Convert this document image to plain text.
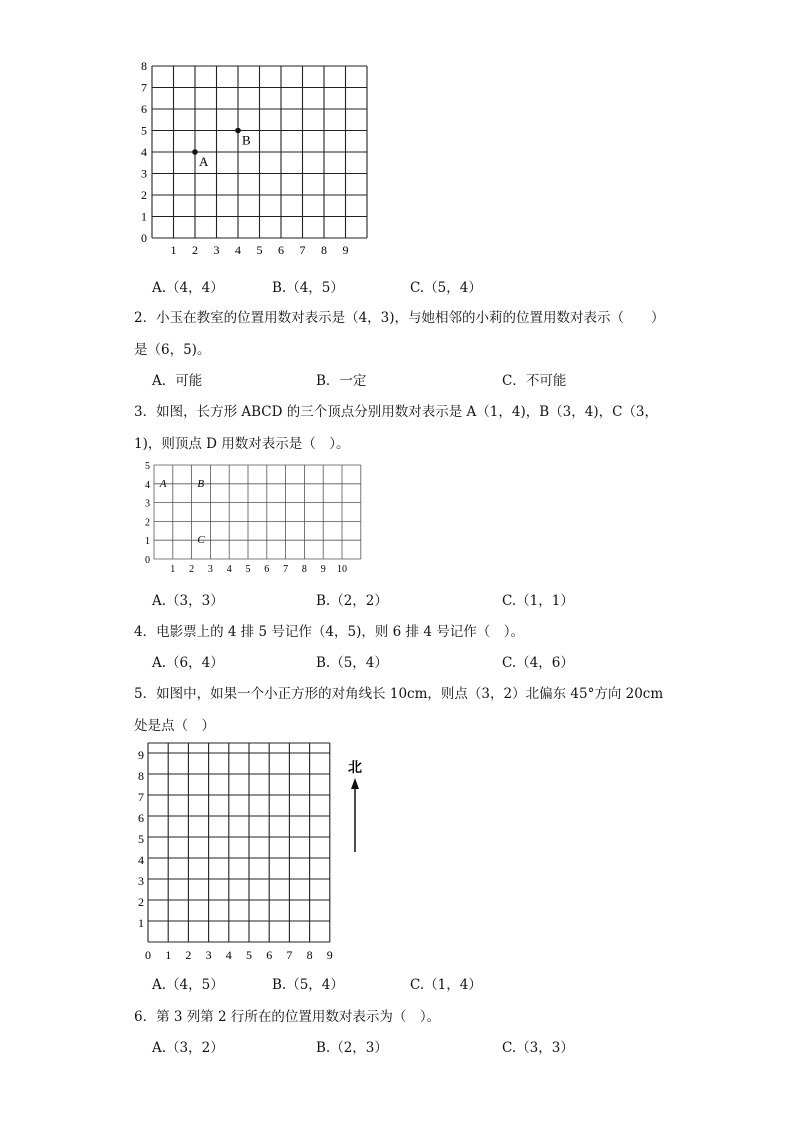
1 2 3 4 5 6 7 8 9
0
1
2
3
4
5
6
7
8
A
B
A.（4，4）	B.（4，5）	C.（5，4）
2．小玉在教室的位置用数对表示是（4，3)，与她相邻的小莉的位置用数对表示（　　）
是（6，5)。
A．可能	B．一定	C．不可能
3．如图，长方形 ABCD 的三个顶点分别用数对表示是 A（1，4)，B（3，4)，C（3，
1)，则顶点 D 用数对表示是（　）。
1 2 3 4 5 6 7 8 9 10
0
1
2
3
4
5
A	B
C
A.（3，3）	B.（2，2）	C.（1，1）
4．电影票上的 4 排 5 号记作（4，5)，则 6 排 4 号记作（　）。
A.（6，4）	B.（5，4）	C.（4，6）
5．如图中，如果一个小正方形的对角线长 10cm，则点（3，2）北偏东 45°方向 20cm
处是点（　）
0 1 2 3 4 5 6 7 8 9
1
2
3
4
5
6
7
8
9
北
A.（4，5）	B.（5，4）	C.（1，4）
6．第 3 列第 2 行所在的位置用数对表示为（　）。
A.（3，2）	B.（2，3）	C.（3，3）
